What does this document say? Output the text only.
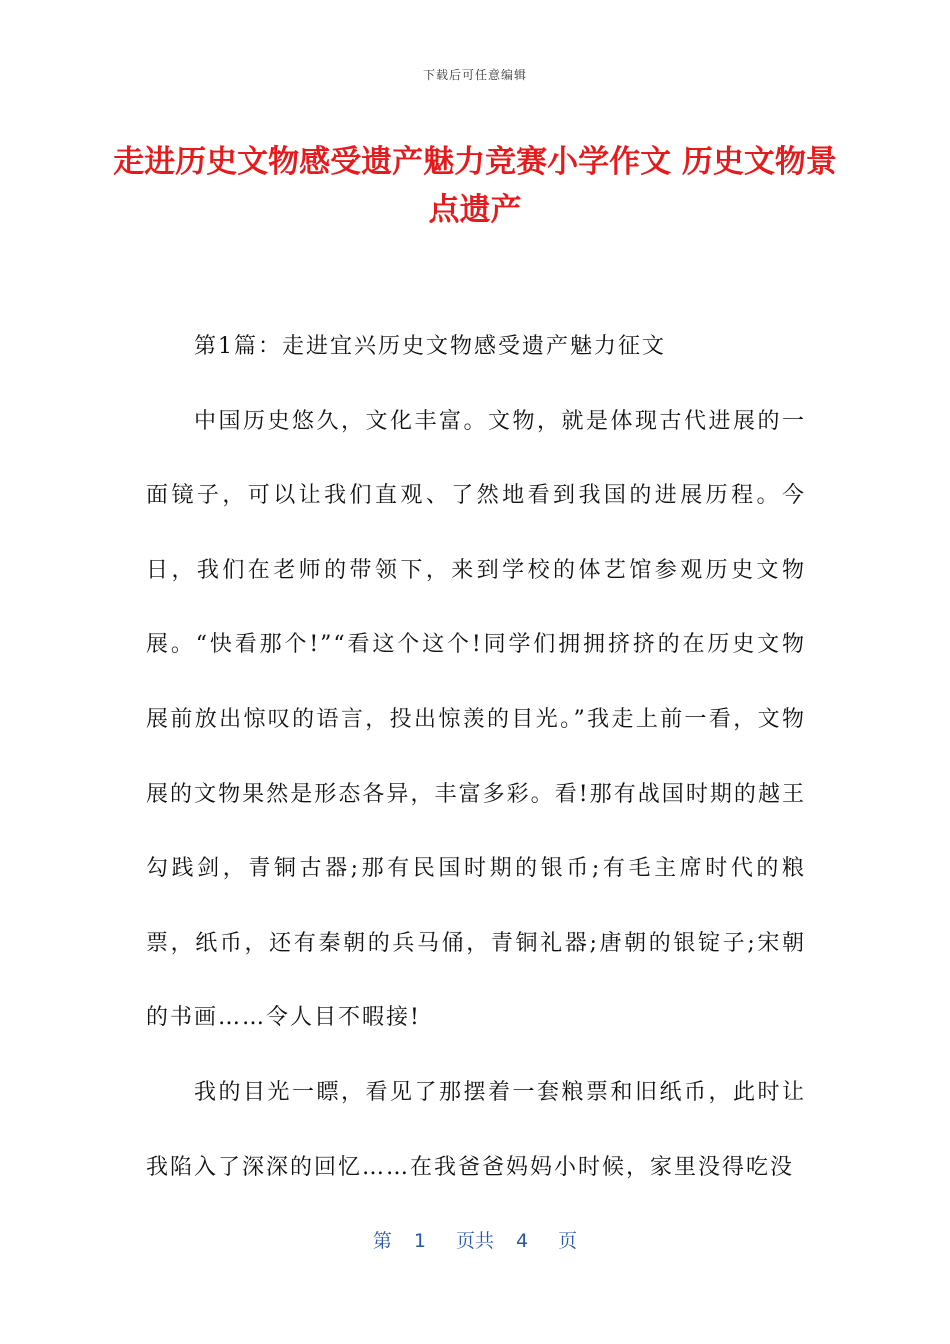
下载后可任意编辑
走进历史文物感受遗产魅力竞赛小学作文 历史文物景点遗产

第1篇：走进宜兴历史文物感受遗产魅力征文

中国历史悠久，文化丰富。文物，就是体现古代进展的一面镜子，可以让我们直观、了然地看到我国的进展历程。今日，我们在老师的带领下，来到学校的体艺馆参观历史文物展。“快看那个!”“看这个这个!同学们拥拥挤挤的在历史文物展前放出惊叹的语言，投出惊羡的目光。”我走上前一看，文物展的文物果然是形态各异，丰富多彩。看!那有战国时期的越王勾践剑，青铜古器;那有民国时期的银币;有毛主席时代的粮票，纸币，还有秦朝的兵马俑，青铜礼器;唐朝的银锭子;宋朝的书画……令人目不暇接!

我的目光一瞟，看见了那摆着一套粮票和旧纸币，此时让我陷入了深深的回忆……在我爸爸妈妈小时候，家里没得吃没

第 1 页共 4 页
